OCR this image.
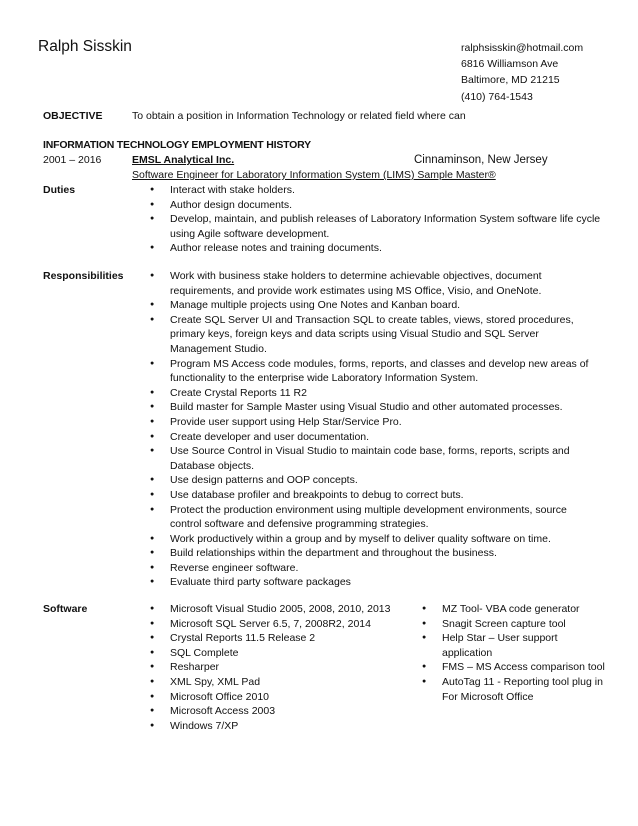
Ralph Sisskin	ralphsisskin@hotmail.com
6816 Williamson Ave
Baltimore, MD 21215
(410) 764-1543
OBJECTIVE	To obtain a position in Information Technology or related field where can
INFORMATION TECHNOLOGY EMPLOYMENT HISTORY
2001 – 2016	EMSL Analytical Inc.	Cinnaminson, New Jersey
Software Engineer for Laboratory Information System (LIMS) Sample Master®
Duties	● Interact with stake holders.
● Author design documents.
● Develop, maintain, and publish releases of Laboratory Information System software life cycle using Agile software development.
● Author release notes and training documents.
Responsibilities	● Work with business stake holders to determine achievable objectives, document requirements, and provide work estimates using MS Office, Visio, and OneNote.
● Manage multiple projects using One Notes and Kanban board.
● Create SQL Server UI and Transaction SQL to create tables, views, stored procedures, primary keys, foreign keys and data scripts using Visual Studio and SQL Server Management Studio.
● Program MS Access code modules, forms, reports, and classes and develop new areas of functionality to the enterprise wide Laboratory Information System.
● Create Crystal Reports 11 R2
● Build master for Sample Master using Visual Studio and other automated processes.
● Provide user support using Help Star/Service Pro.
● Create developer and user documentation.
● Use Source Control in Visual Studio to maintain code base, forms, reports, scripts and Database objects.
● Use design patterns and OOP concepts.
● Use database profiler and breakpoints to debug to correct buts.
● Protect the production environment using multiple development environments, source control software and defensive programming strategies.
● Work productively within a group and by myself to deliver quality software on time.
● Build relationships within the department and throughout the business.
● Reverse engineer software.
● Evaluate third party software packages
Software	● Microsoft Visual Studio 2005, 2008, 2010, 2013
● Microsoft SQL Server 6.5, 7, 2008R2, 2014
● Crystal Reports 11.5 Release 2
● SQL Complete
● Resharper
● XML Spy, XML Pad
● Microsoft Office 2010
● Microsoft Access 2003
● Windows 7/XP
● MZ Tool- VBA code generator
● Snagit Screen capture tool
● Help Star – User support application
● FMS – MS Access comparison tool
● AutoTag 11 - Reporting tool plug in For Microsoft Office
